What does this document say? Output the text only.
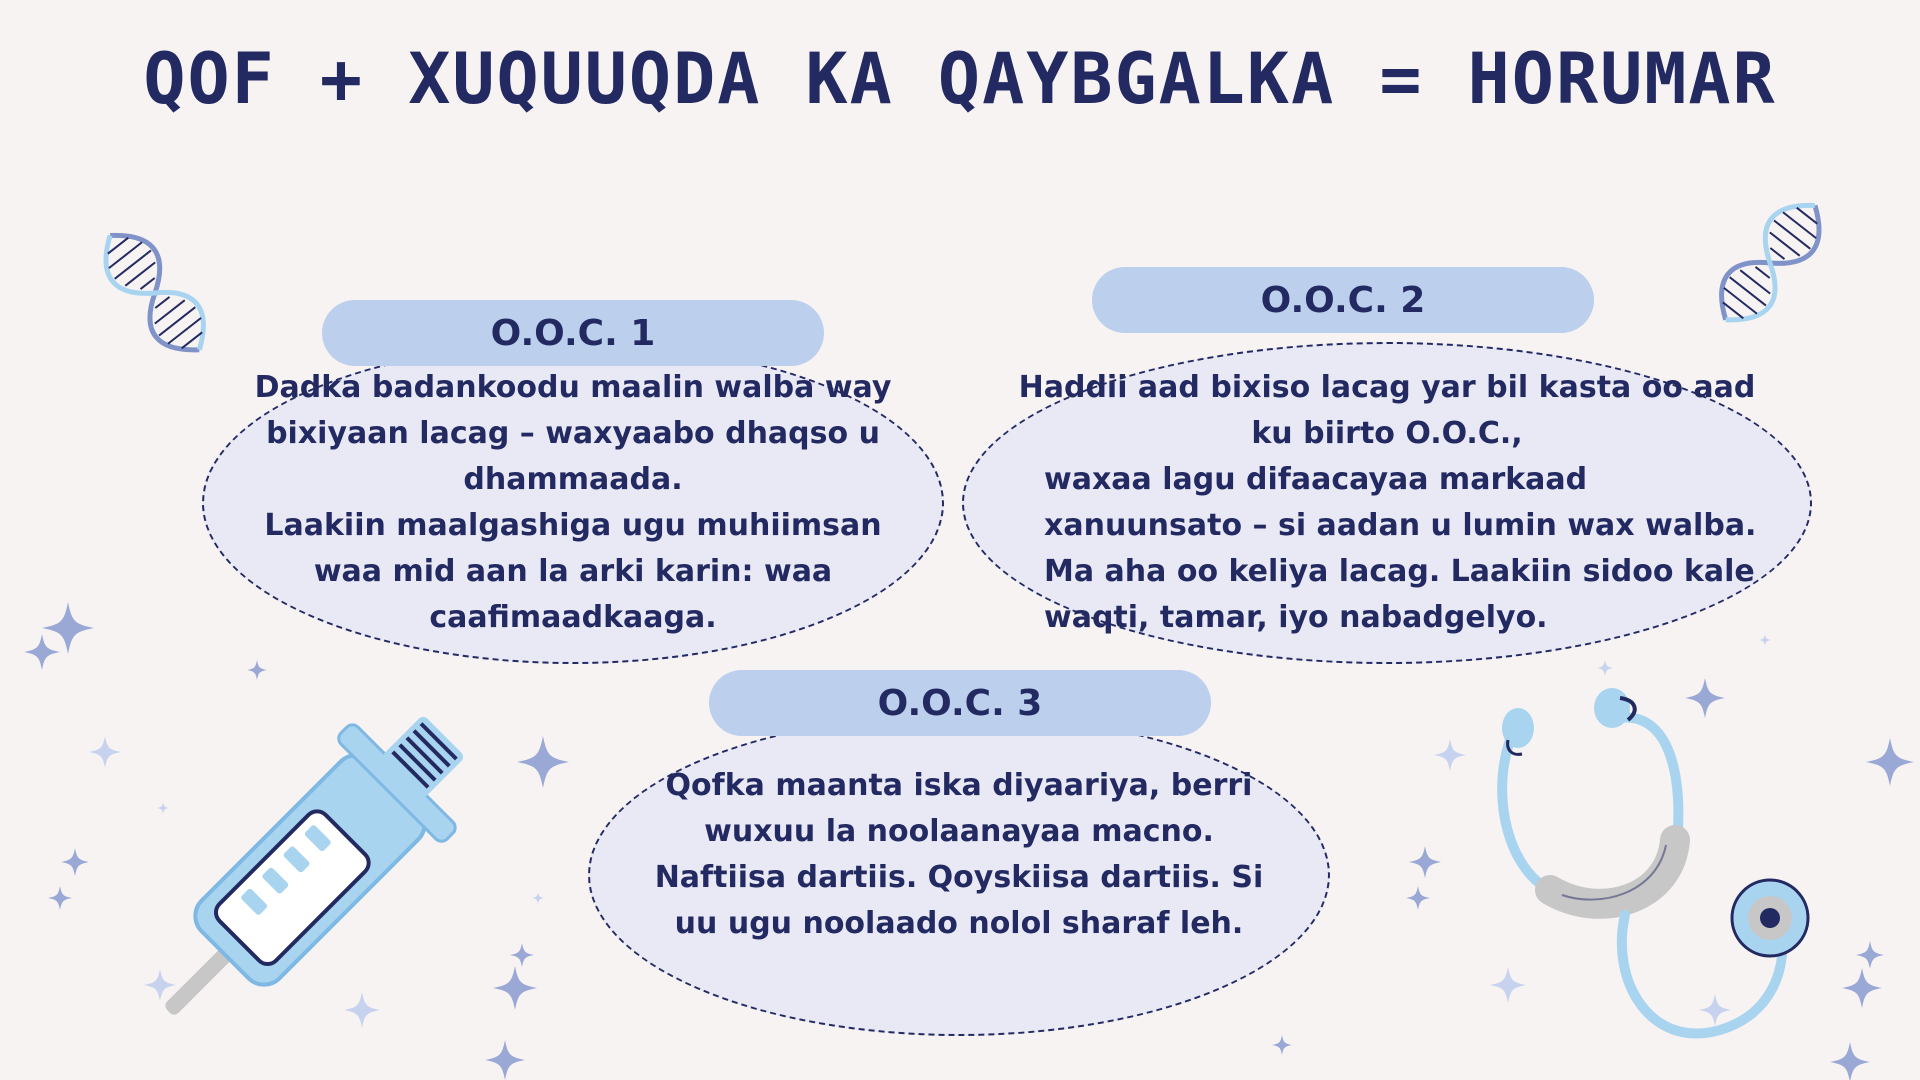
QOF + XUQUUQDA KA QAYBGALKA = HORUMAR

Dadka badankoodu maalin walba way

bixiyaan lacag – waxyaabo dhaqso u

dhammaada.

Laakiin maalgashiga ugu muhiimsan

waa mid aan la arki karin: waa

caafimaadkaaga.

O.O.C. 1

Haddii aad bixiso lacag yar bil kasta oo aad

ku biirto O.O.C.,

waxaa lagu difaacayaa markaad

xanuunsato – si aadan u lumin wax walba.

Ma aha oo keliya lacag. Laakiin sidoo kale

waqti, tamar, iyo nabadgelyo.

O.O.C. 2

Qofka maanta iska diyaariya, berri

wuxuu la noolaanayaa macno.

Naftiisa dartiis. Qoyskiisa dartiis. Si

uu ugu noolaado nolol sharaf leh.

O.O.C. 3
